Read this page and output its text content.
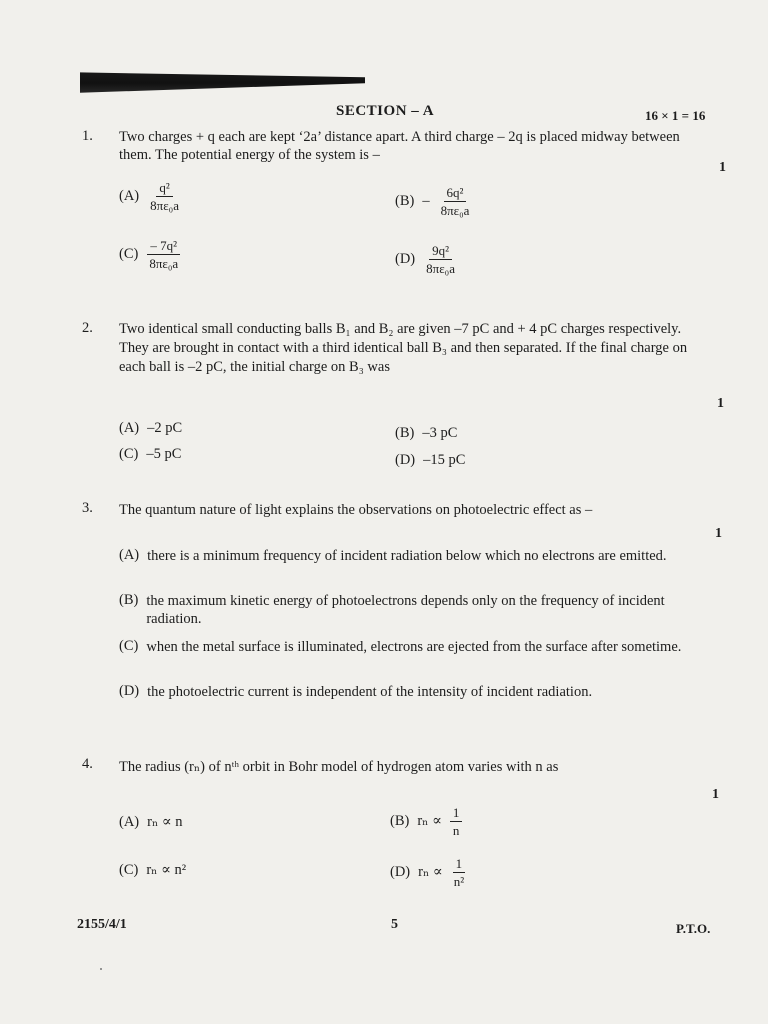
SECTION – A	16 × 1 = 16
1. Two charges + q each are kept ‘2a’ distance apart. A third charge – 2q is placed midway between them. The potential energy of the system is –
1
$(A) \frac{\text{q²}}{\text{8πε₀a}}$	$(B) - \frac{\text{6q²}}{\text{8πε₀a}}$
$(C) \frac{\text{– 7q²}}{\text{8πε₀a}}$	$(D) \frac{\text{9q²}}{\text{8πε₀a}}$
2. Two identical small conducting balls B₁ and B₂ are given –7 pC and + 4 pC charges respectively. They are brought in contact with a third identical ball B₃ and then separated. If the final charge on each ball is –2 pC, the initial charge on B₃ was
1
(A) –2 pC	(B) –3 pC
(C) –5 pC	(D) –15 pC
3. The quantum nature of light explains the observations on photoelectric effect as –
1
(A) there is a minimum frequency of incident radiation below which no electrons are emitted.
(B) the maximum kinetic energy of photoelectrons depends only on the frequency of incident radiation.
(C) when the metal surface is illuminated, electrons are ejected from the surface after sometime.
(D) the photoelectric current is independent of the intensity of incident radiation.
4. The radius (rₙ) of nᵗʰ orbit in Bohr model of hydrogen atom varies with n as
1
(A) rₙ ∝ n	(B) $r_n \propto \frac{1}{n}$
(C) rₙ ∝ n²	(D) $r_n \propto \frac{1}{\text{n²}}$
2155/4/1	5	P.T.O.
